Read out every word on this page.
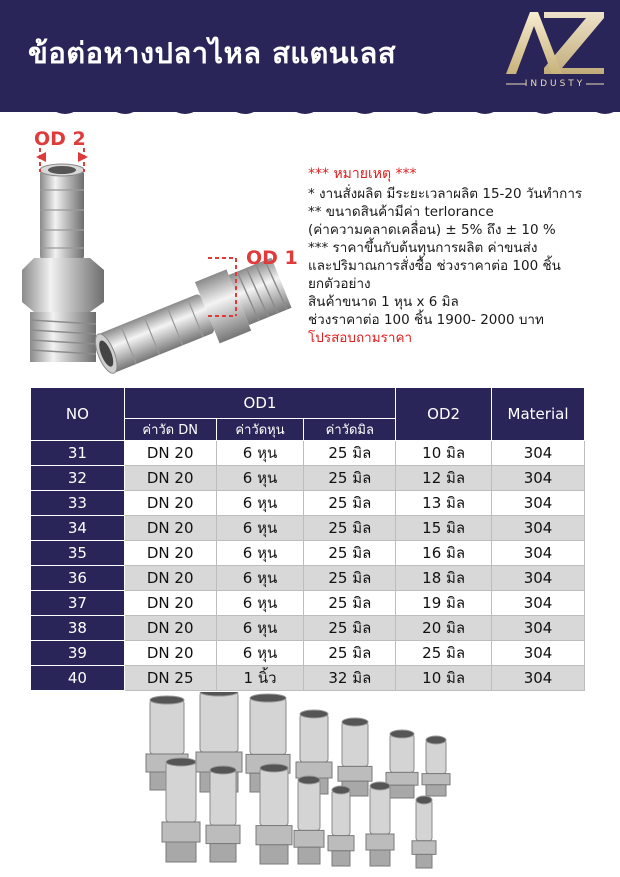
ข้อต่อหางปลาไหล สแตนเลส
INDUSTY
OD 2
OD 1
*** หมายเหตุ ***
* งานสั่งผลิต มีระยะเวลาผลิต 15-20 วันทำการ
** ขนาดสินค้ามีค่า terlorance
(ค่าความคลาดเคลื่อน) ± 5% ถึง ± 10 %
*** ราคาขึ้นกับต้นทุนการผลิต ค่าขนส่ง
และปริมาณการสั่งซื้อ ช่วงราคาต่อ 100 ชิ้น
ยกตัวอย่าง
สินค้าขนาด 1 หุน x 6 มิล
ช่วงราคาต่อ 100 ชิ้น 1900- 2000 บาท
โปรสอบถามราคา
NO	OD1			OD2	Material
	ค่าวัด DN	ค่าวัดหุน	ค่าวัดมิล		
31	DN 20	6 หุน	25 มิล	10 มิล	304
32	DN 20	6 หุน	25 มิล	12 มิล	304
33	DN 20	6 หุน	25 มิล	13 มิล	304
34	DN 20	6 หุน	25 มิล	15 มิล	304
35	DN 20	6 หุน	25 มิล	16 มิล	304
36	DN 20	6 หุน	25 มิล	18 มิล	304
37	DN 20	6 หุน	25 มิล	19 มิล	304
38	DN 20	6 หุน	25 มิล	20 มิล	304
39	DN 20	6 หุน	25 มิล	25 มิล	304
40	DN 25	1 นิ้ว	32 มิล	10 มิล	304
